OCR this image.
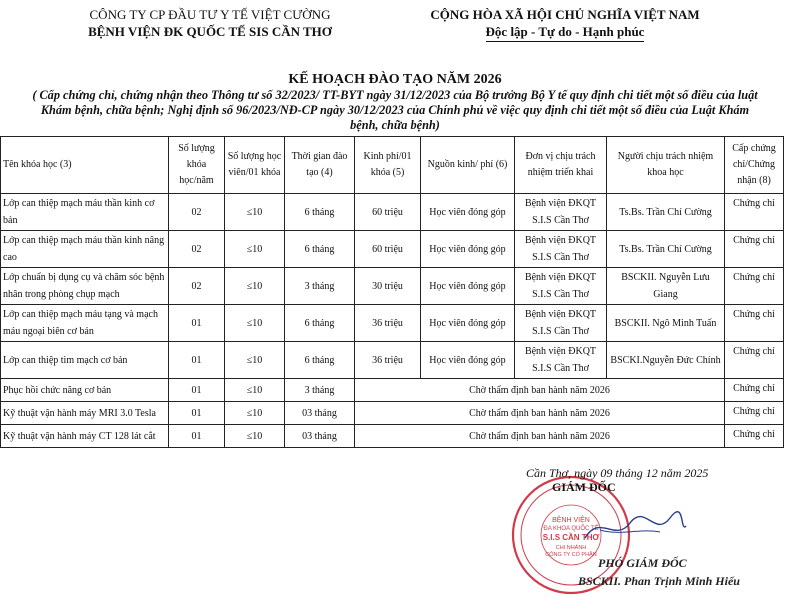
CÔNG TY CP ĐẦU TƯ Y TẾ VIỆT CƯỜNG
BỆNH VIỆN ĐK QUỐC TẾ SIS CẦN THƠ
CỘNG HÒA XÃ HỘI CHỦ NGHĨA VIỆT NAM
Độc lập - Tự do - Hạnh phúc
KẾ HOẠCH ĐÀO TẠO NĂM 2026
( Cấp chứng chỉ, chứng nhận theo Thông tư số 32/2023/ TT-BYT ngày 31/12/2023 của Bộ trưởng Bộ Y tế quy định chi tiết một số điều của luật
Khám bệnh, chữa bệnh; Nghị định số 96/2023/NĐ-CP ngày 30/12/2023 của Chính phủ về việc quy định chi tiết một số điều của Luật Khám
bệnh, chữa bệnh)
Tên khóa học (3)	Số lượng khóa học/năm	Số lượng học viên/01 khóa	Thời gian đào tạo (4)	Kinh phí/01 khóa (5)	Nguồn kinh/ phí (6)	Đơn vị chịu trách nhiệm triển khai	Người chịu trách nhiệm khoa học	Cấp chứng chỉ/Chứng nhận (8)
Lớp can thiệp mạch máu thần kinh cơ bản	02	≤10	6 tháng	60 triệu	Học viên đóng góp	Bệnh viện ĐKQT S.I.S Cần Thơ	Ts.Bs. Trần Chí Cường	Chứng chỉ
Lớp can thiệp mạch máu thần kinh nâng cao	02	≤10	6 tháng	60 triệu	Học viên đóng góp	Bệnh viện ĐKQT S.I.S Cần Thơ	Ts.Bs. Trần Chí Cường	Chứng chỉ
Lớp chuẩn bị dụng cụ và chăm sóc bệnh nhân trong phòng chụp mạch	02	≤10	3 tháng	30 triệu	Học viên đóng góp	Bệnh viện ĐKQT S.I.S Cần Thơ	BSCKII. Nguyễn Lưu Giang	Chứng chỉ
Lớp can thiệp mạch máu tạng và mạch máu ngoại biên cơ bản	01	≤10	6 tháng	36 triệu	Học viên đóng góp	Bệnh viện ĐKQT S.I.S Cần Thơ	BSCKII. Ngô Minh Tuấn	Chứng chỉ
Lớp can thiệp tim mạch cơ bản	01	≤10	6 tháng	36 triệu	Học viên đóng góp	Bệnh viện ĐKQT S.I.S Cần Thơ	BSCKI.Nguyễn Đức Chính	Chứng chỉ
Phục hồi chức năng cơ bản	01	≤10	3 tháng	Chờ thẩm định ban hành năm 2026				Chứng chỉ
Kỹ thuật vận hành máy MRI 3.0 Tesla	01	≤10	03 tháng	Chờ thẩm định ban hành năm 2026				Chứng chỉ
Kỹ thuật vận hành máy CT 128 lát cắt	01	≤10	03 tháng	Chờ thẩm định ban hành năm 2026				Chứng chỉ
BỆNH VIỆN
ĐA KHOA QUỐC TẾ
S.I.S CẦN THƠ
CHI NHÁNH
CÔNG TY CỔ PHẦN
Cần Thơ, ngày 09 tháng 12 năm 2025
GIÁM ĐỐC
PHÓ GIÁM ĐỐC
BSCKII. Phan Trịnh Minh Hiếu
